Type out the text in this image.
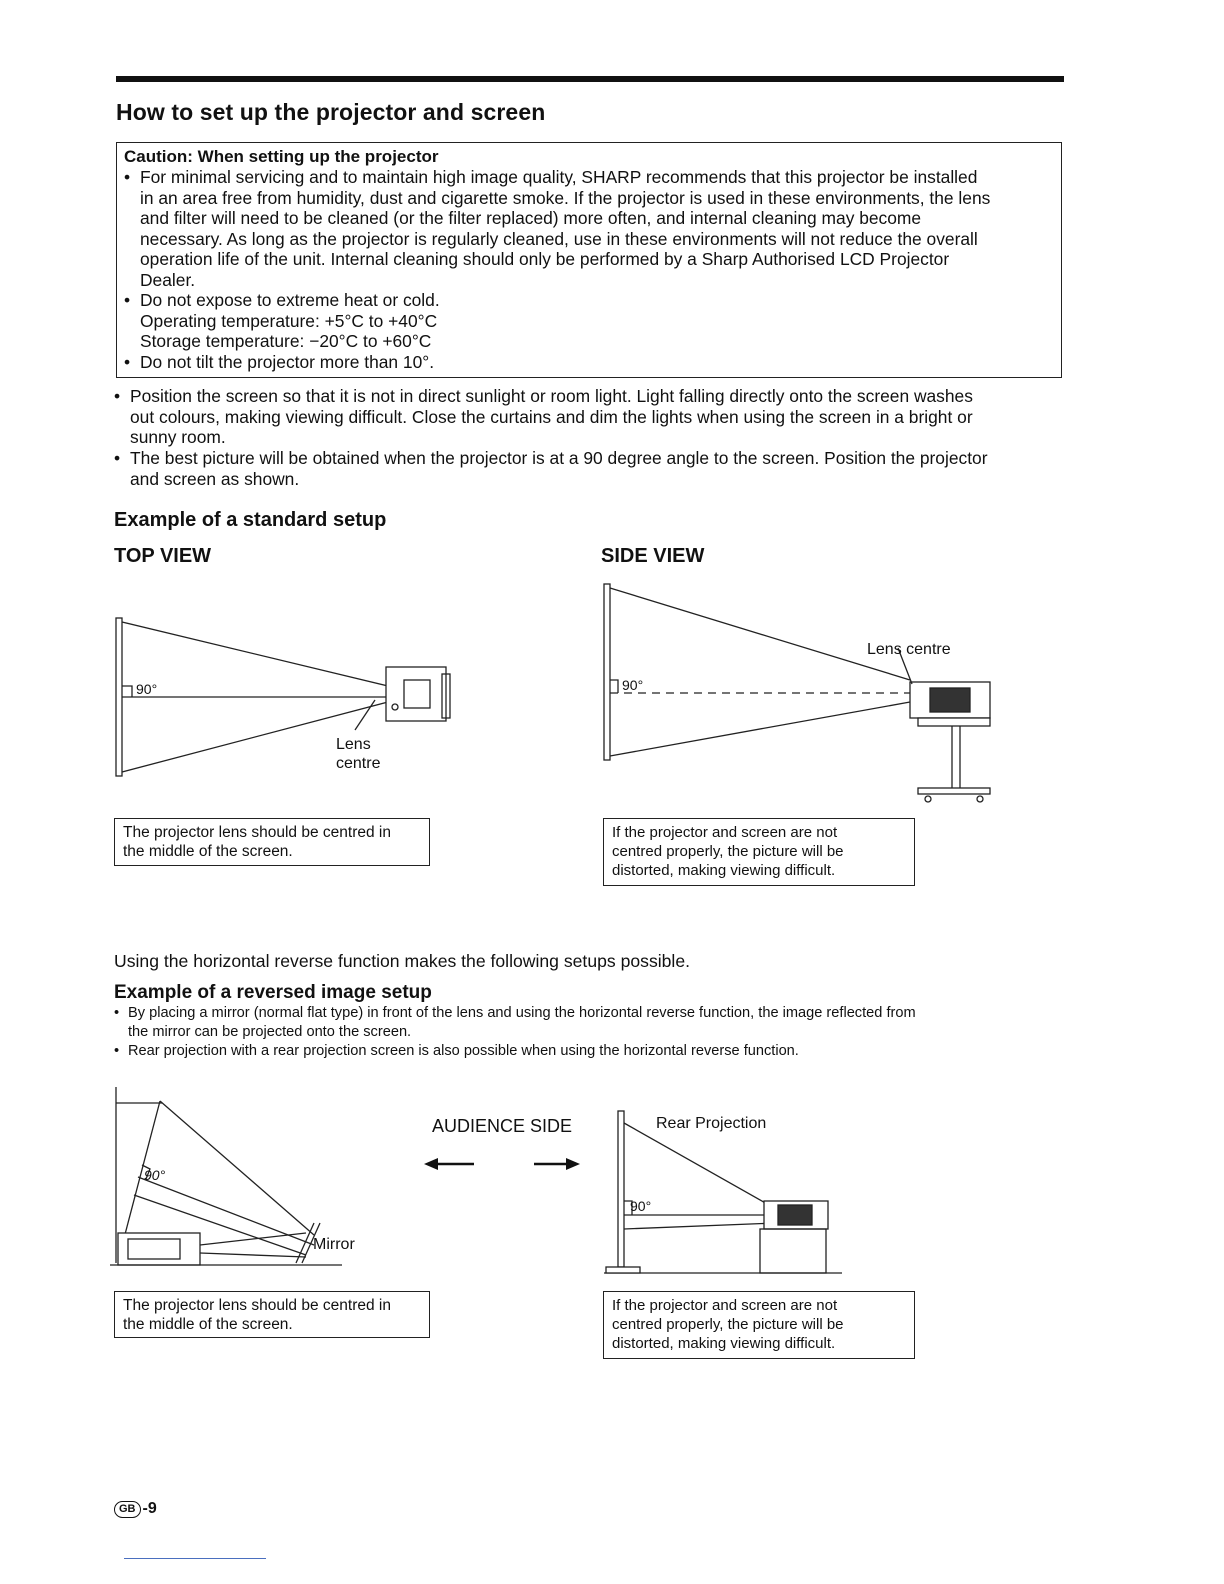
How to set up the projector and screen
Caution: When setting up the projector
• For minimal servicing and to maintain high image quality, SHARP recommends that this projector be installed
in an area free from humidity, dust and cigarette smoke. If the projector is used in these environments, the lens
and filter will need to be cleaned (or the filter replaced) more often, and internal cleaning may become
necessary. As long as the projector is regularly cleaned, use in these environments will not reduce the overall
operation life of the unit. Internal cleaning should only be performed by a Sharp Authorised LCD Projector
Dealer.
• Do not expose to extreme heat or cold.
Operating temperature: +5°C to +40°C
Storage temperature: −20°C to +60°C
• Do not tilt the projector more than 10°.
• Position the screen so that it is not in direct sunlight or room light. Light falling directly onto the screen washes
out colours, making viewing difficult. Close the curtains and dim the lights when using the screen in a bright or
sunny room.
• The best picture will be obtained when the projector is at a 90 degree angle to the screen. Position the projector
and screen as shown.
Example of a standard setup
TOP VIEW	SIDE VIEW
90°
Lens
centre
The projector lens should be centred in
the middle of the screen.
Lens centre
90°
If the projector and screen are not
centred properly, the picture will be
distorted, making viewing difficult.
Using the horizontal reverse function makes the following setups possible.
Example of a reversed image setup
• By placing a mirror (normal flat type) in front of the lens and using the horizontal reverse function, the image reflected from
the mirror can be projected onto the screen.
• Rear projection with a rear projection screen is also possible when using the horizontal reverse function.
90°
Mirror
AUDIENCE SIDE
90°
Rear Projection
The projector lens should be centred in
the middle of the screen.
If the projector and screen are not
centred properly, the picture will be
distorted, making viewing difficult.
GB -9
